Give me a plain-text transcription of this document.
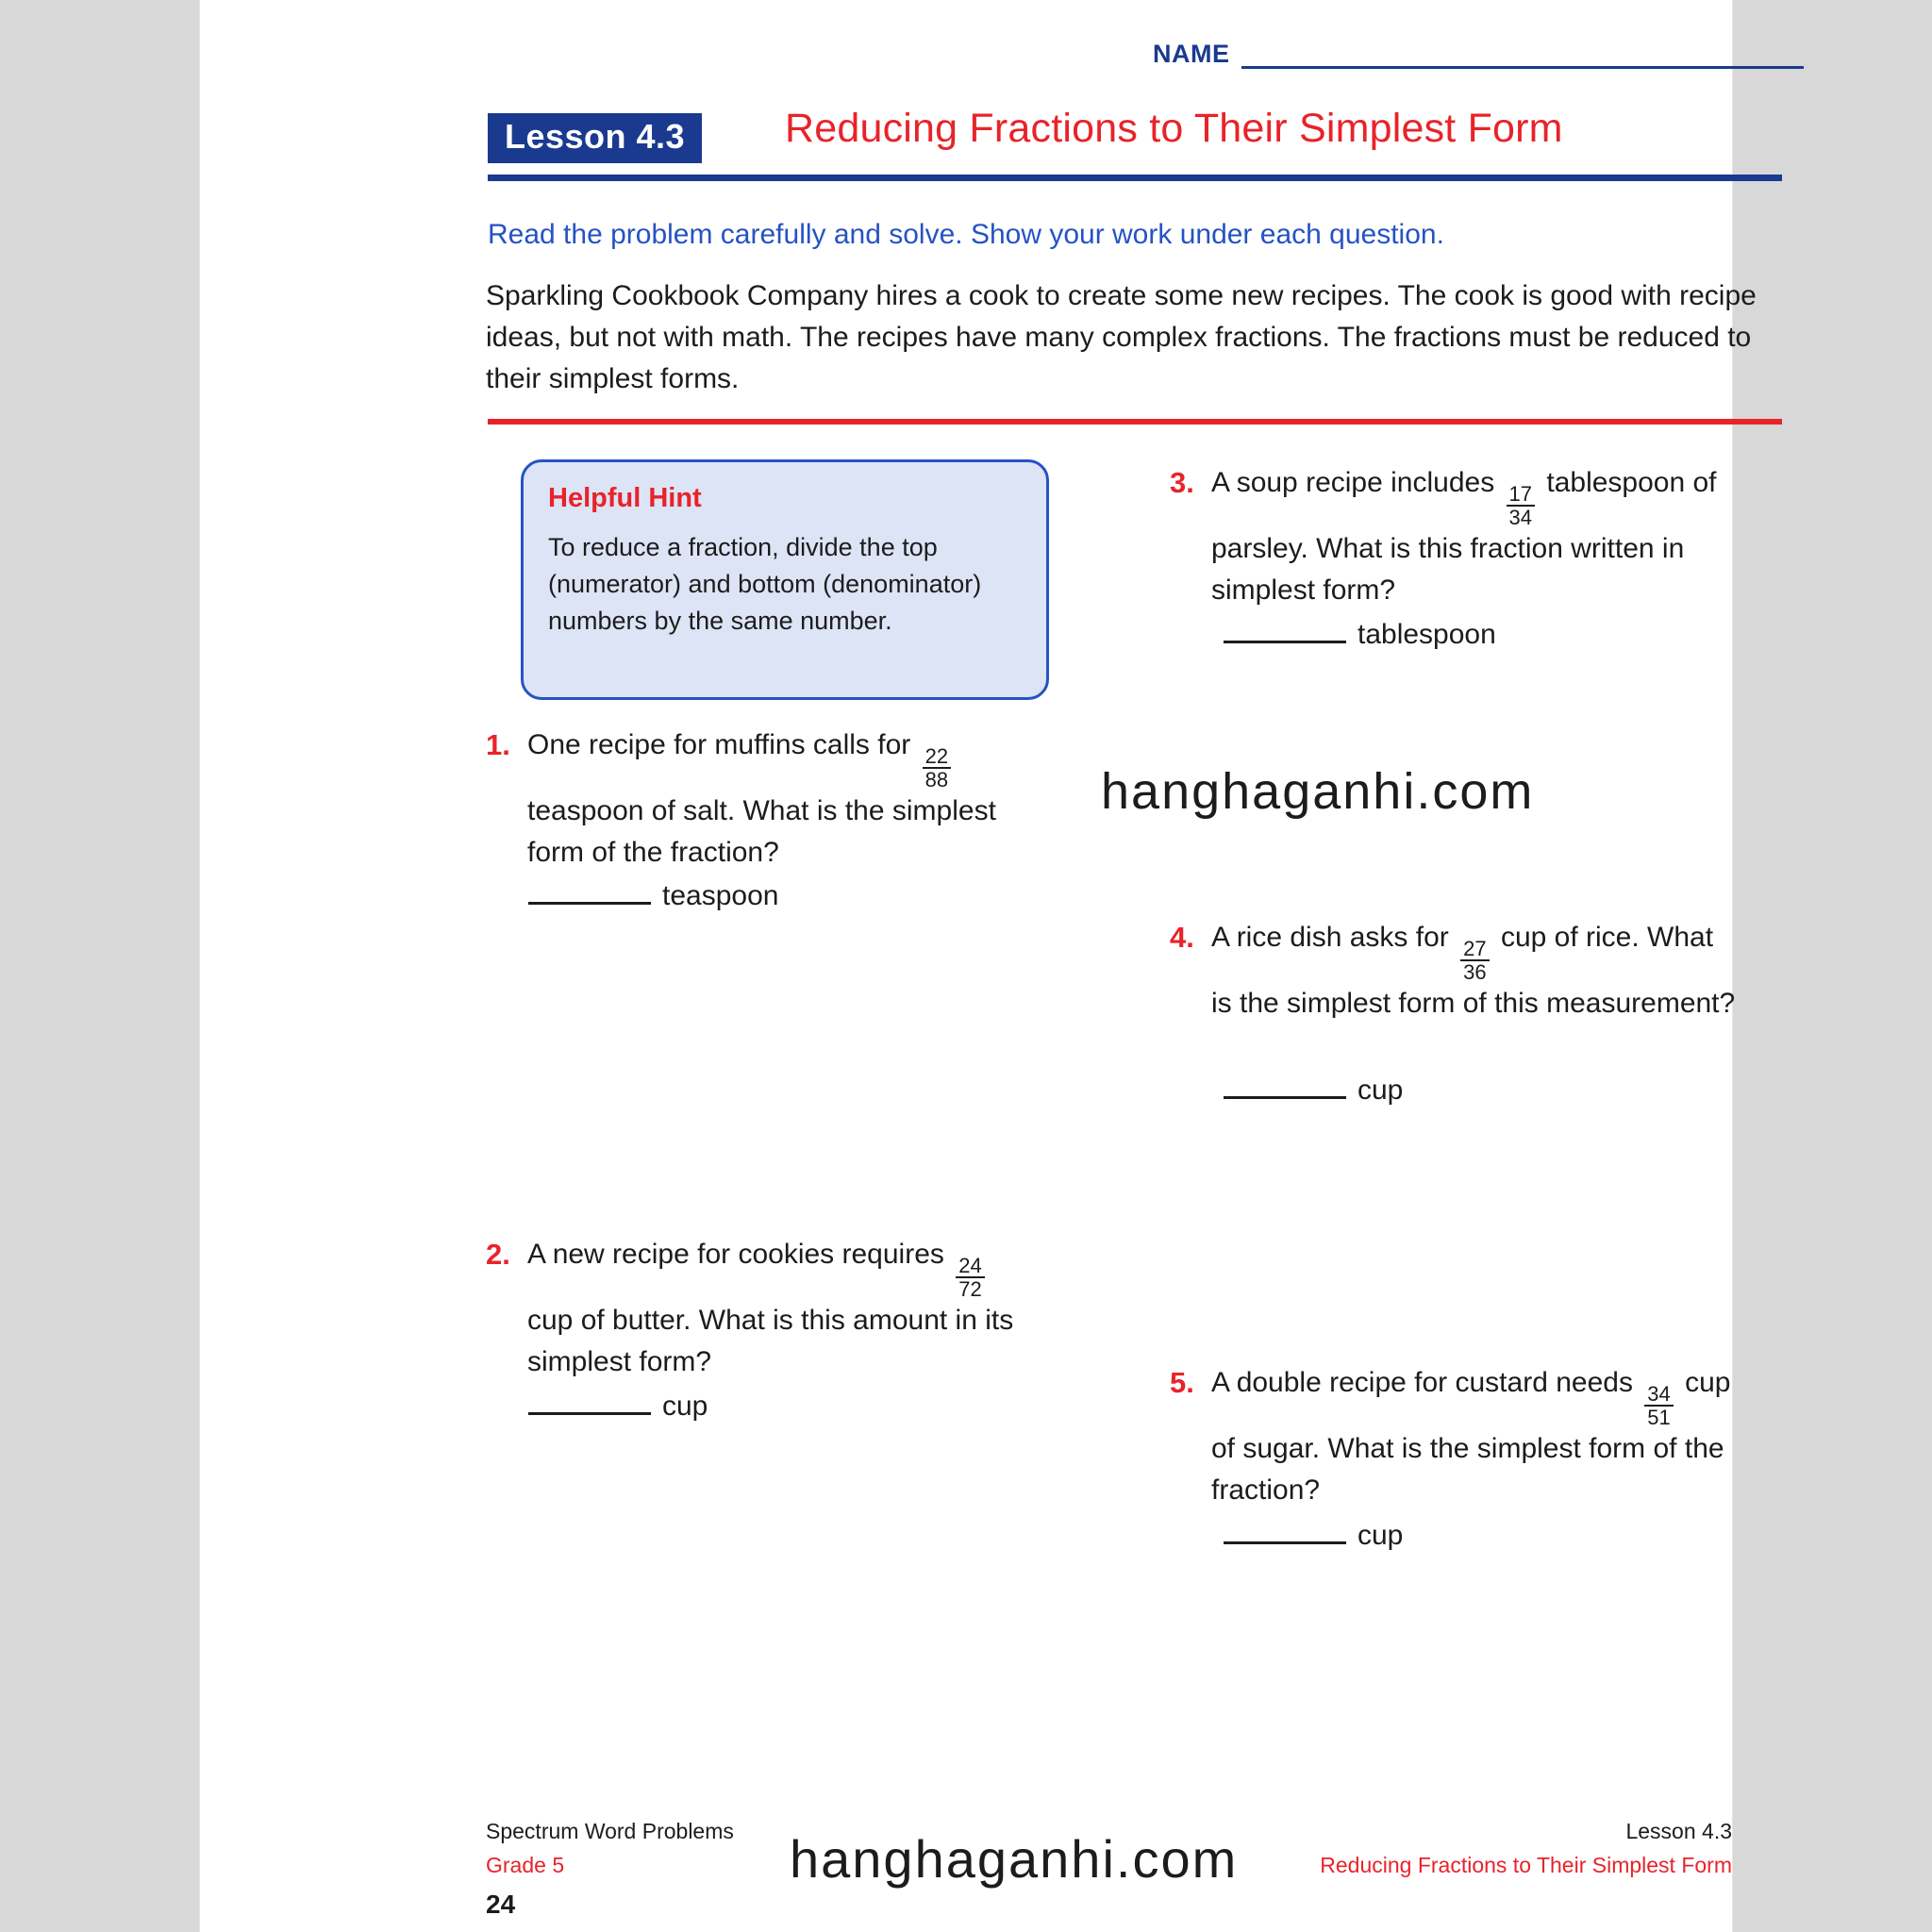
NAME
Lesson 4.3	Reducing Fractions to Their Simplest Form
Read the problem carefully and solve. Show your work under each question.
Sparkling Cookbook Company hires a cook to create some new recipes. The cook is good with recipe ideas, but not with math. The recipes have many complex fractions. The fractions must be reduced to their simplest forms.
Helpful Hint
To reduce a fraction, divide the top (numerator) and bottom (denominator) numbers by the same number.
1. One recipe for muffins calls for
$\frac{22}{88}$
teaspoon of salt. What is the simplest form of the fraction?
teaspoon
2. A new recipe for cookies requires
$\frac{24}{72}$
cup of butter. What is this amount in its simplest form?
cup
3. A soup recipe includes
$\frac{17}{34}$
tablespoon of parsley. What is this fraction written in simplest form?
tablespoon
4. A rice dish asks for
$\frac{27}{36}$
cup of rice. What is the simplest form of this measurement?
cup
5. A double recipe for custard needs
$\frac{34}{51}$
cup of sugar. What is the simplest form of the fraction?
cup
Spectrum Word Problems
Grade 5
24
Lesson 4.3
Reducing Fractions to Their Simplest Form
hanghaganhi.com
hanghaganhi.com
